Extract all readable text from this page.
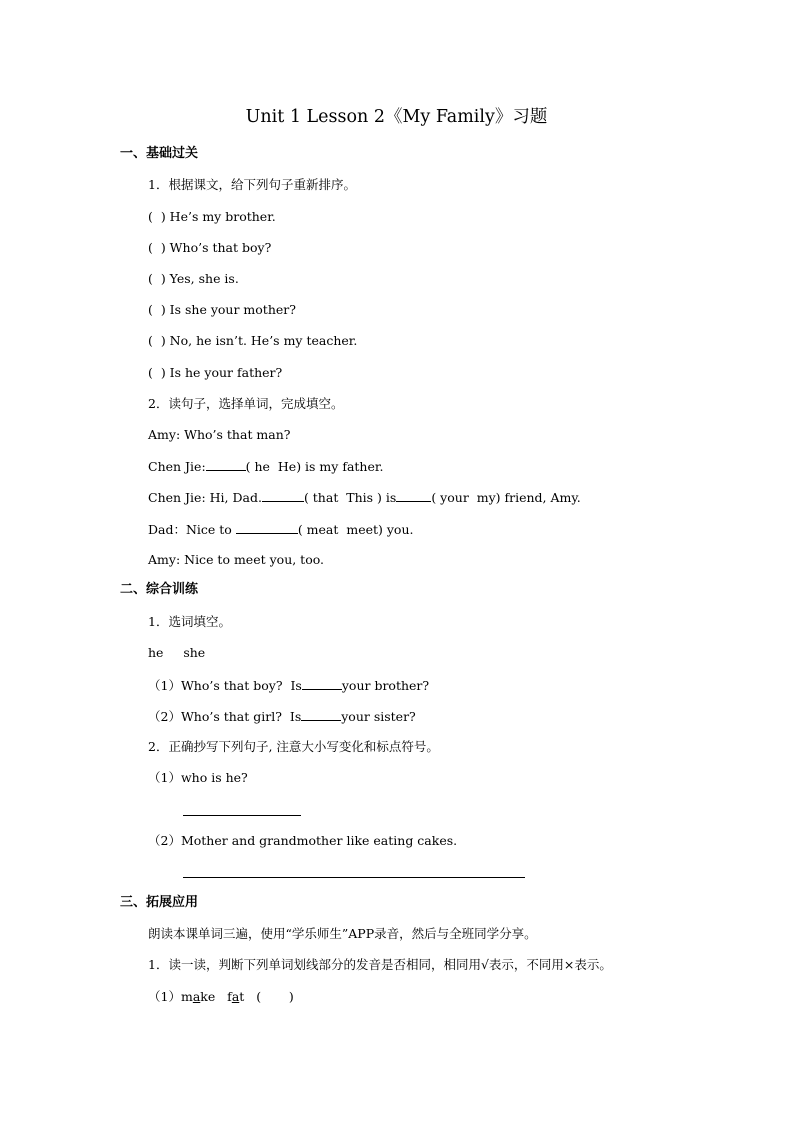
Unit 1 Lesson 2《My Family》习题
一、基础过关
1．根据课文，给下列句子重新排序。
(  ) He’s my brother.
(  ) Who’s that boy?
(  ) Yes, she is.
(  ) Is she your mother?
(  ) No, he isn’t. He’s my teacher.
(  ) Is he your father?
2．读句子，选择单词，完成填空。
Amy: Who’s that man?
Chen Jie:	( he  He) is my father.
Chen Jie: Hi, Dad.	( that  This ) is	( your  my) friend, Amy.
Dad：Nice to	( meat  meet) you.
Amy: Nice to meet you, too.
二、综合训练
1．选词填空。
he     she
（1）Who’s that boy?  Is	your brother?
（2）Who’s that girl?  Is	your sister?
2．正确抄写下列句子, 注意大小写变化和标点符号。
（1）who is he?
（2）Mother and grandmother like eating cakes.
三、拓展应用
朗读本课单词三遍，使用“学乐师生”APP录音，然后与全班同学分享。
1．读一读，判断下列单词划线部分的发音是否相同，相同用√表示，不同用×表示。
（1）make fat (       )
